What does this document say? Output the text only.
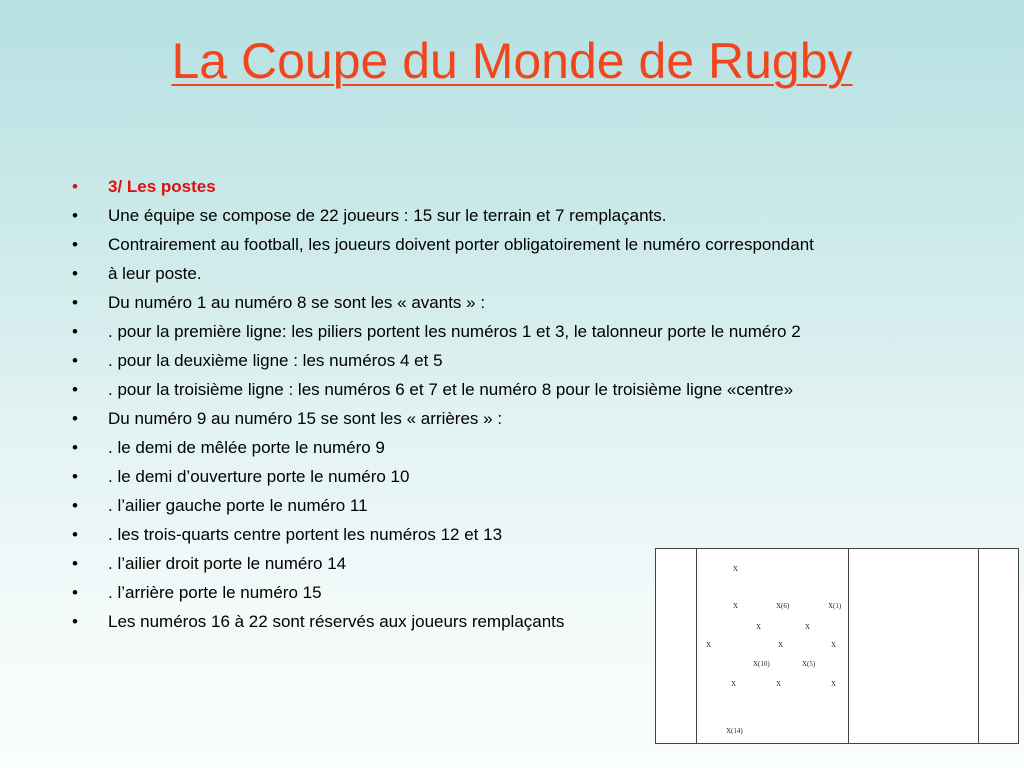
La Coupe du Monde de Rugby
• 3/ Les postes
• Une équipe se compose de 22 joueurs : 15 sur le terrain et 7 remplaçants.
• Contrairement au football, les joueurs doivent porter obligatoirement le numéro correspondant
• à leur poste.
• Du numéro 1 au numéro 8 se sont les « avants » :
• . pour la première ligne: les piliers portent les numéros 1 et 3, le talonneur porte le numéro 2
• . pour la deuxième ligne : les numéros 4 et 5
• . pour la troisième ligne : les numéros 6 et 7 et le numéro 8 pour le troisième ligne «centre»
• Du numéro 9 au numéro 15 se sont les « arrières » :
• . le demi de mêlée porte le numéro 9
• . le demi d’ouverture porte le numéro 10
• . l’ailier gauche porte le numéro 11
• . les trois-quarts centre portent les numéros 12 et 13
• . l’ailier droit porte le numéro 14
• . l’arrière porte le numéro 15
• Les numéros 16 à 22 sont réservés aux joueurs remplaçants
X
X	X(6)	X(1)
X	X
X	X	X
X(10)	X(5)
X	X	X
X(14)
